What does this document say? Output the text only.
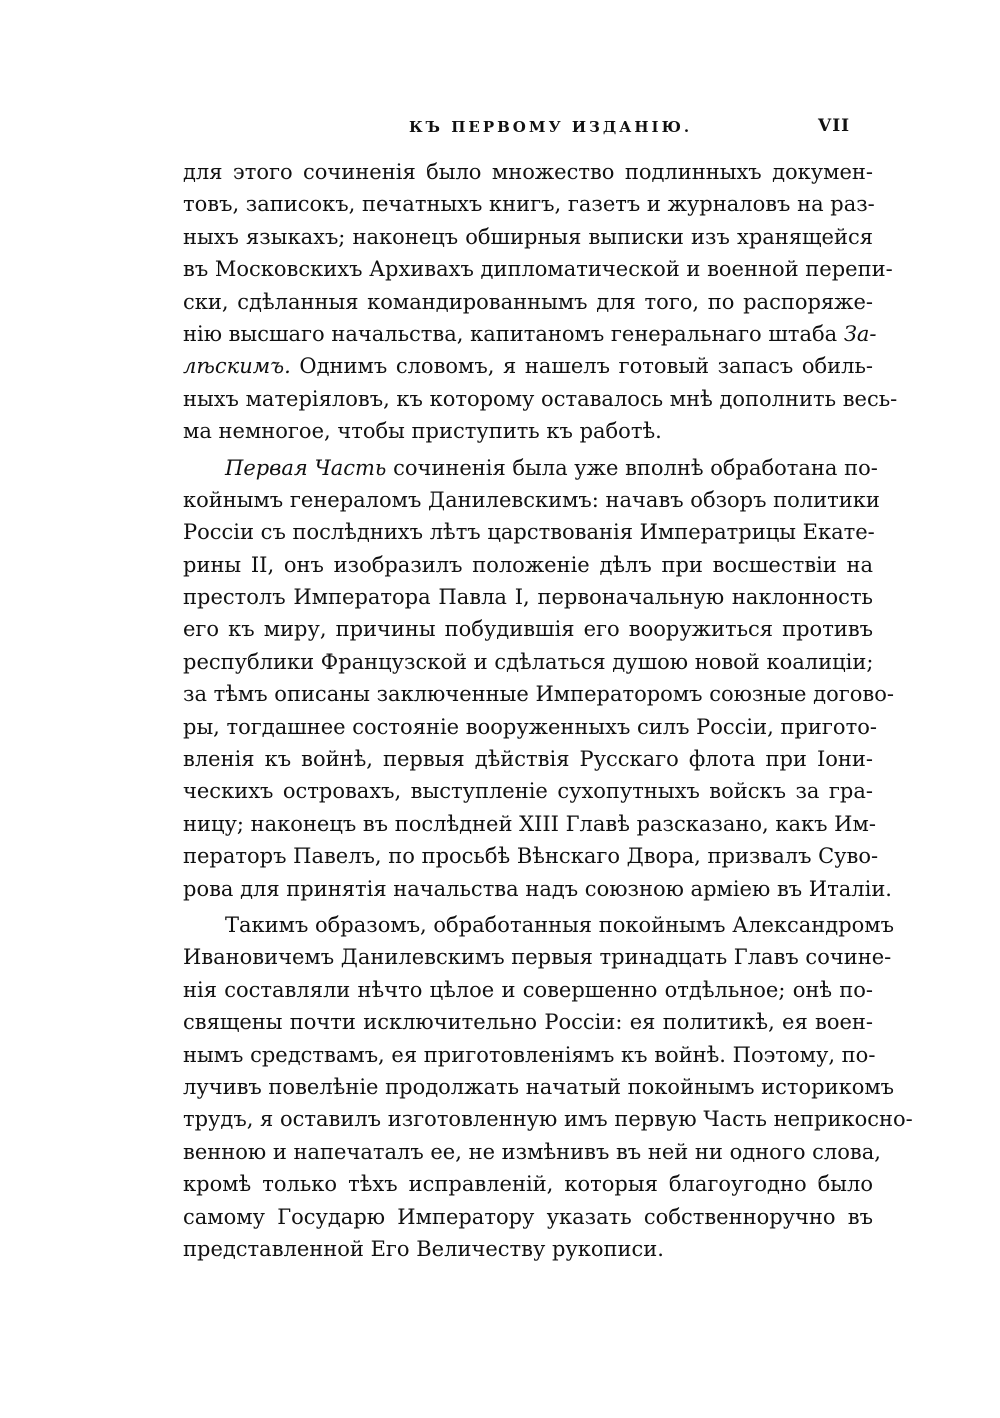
КЪ ПЕРВОМУ ИЗДАНІЮ.	VII
для этого сочиненія было множество подлинныхъ докумен-
товъ, записокъ, печатныхъ книгъ, газетъ и журналовъ на раз-
ныхъ языкахъ; наконецъ обширныя выписки изъ хранящейся
въ Московскихъ Архивахъ дипломатической и военной перепи-
ски, сдѣланныя командированнымъ для того, по распоряже-
нію высшаго начальства, капитаномъ генеральнаго штаба За-
лѣскимъ. Однимъ словомъ, я нашелъ готовый запасъ обиль-
ныхъ матеріяловъ, къ которому оставалось мнѣ дополнить весь-
ма немногое, чтобы приступить къ работѣ.
Первая Часть сочиненія была уже вполнѣ обработана по-
койнымъ генераломъ Данилевскимъ: начавъ обзоръ политики
Россіи съ послѣднихъ лѣтъ царствованія Императрицы Екате-
рины II, онъ изобразилъ положеніе дѣлъ при восшествіи на
престолъ Императора Павла I, первоначальную наклонность
его къ миру, причины побудившія его вооружиться противъ
республики Французской и сдѣлаться душою новой коалиціи;
за тѣмъ описаны заключенные Императоромъ союзные догово-
ры, тогдашнее состояніе вооруженныхъ силъ Россіи, пригото-
вленія къ войнѣ, первыя дѣйствія Русскаго флота при Іони-
ческихъ островахъ, выступленіе сухопутныхъ войскъ за гра-
ницу; наконецъ въ послѣдней XIII Главѣ разсказано, какъ Им-
ператоръ Павелъ, по просьбѣ Вѣнскаго Двора, призвалъ Суво-
рова для принятія начальства надъ союзною арміею въ Италіи.
Такимъ образомъ, обработанныя покойнымъ Александромъ
Ивановичемъ Данилевскимъ первыя тринадцать Главъ сочине-
нія составляли нѣчто цѣлое и совершенно отдѣльное; онѣ по-
священы почти исключительно Россіи: ея политикѣ, ея воен-
нымъ средствамъ, ея приготовленіямъ къ войнѣ. Поэтому, по-
лучивъ повелѣніе продолжать начатый покойнымъ историкомъ
трудъ, я оставилъ изготовленную имъ первую Часть неприкосно-
венною и напечаталъ ее, не измѣнивъ въ ней ни одного слова,
кромѣ только тѣхъ исправленій, которыя благоугодно было
самому Государю Императору указать собственноручно въ
представленной Его Величеству рукописи.
